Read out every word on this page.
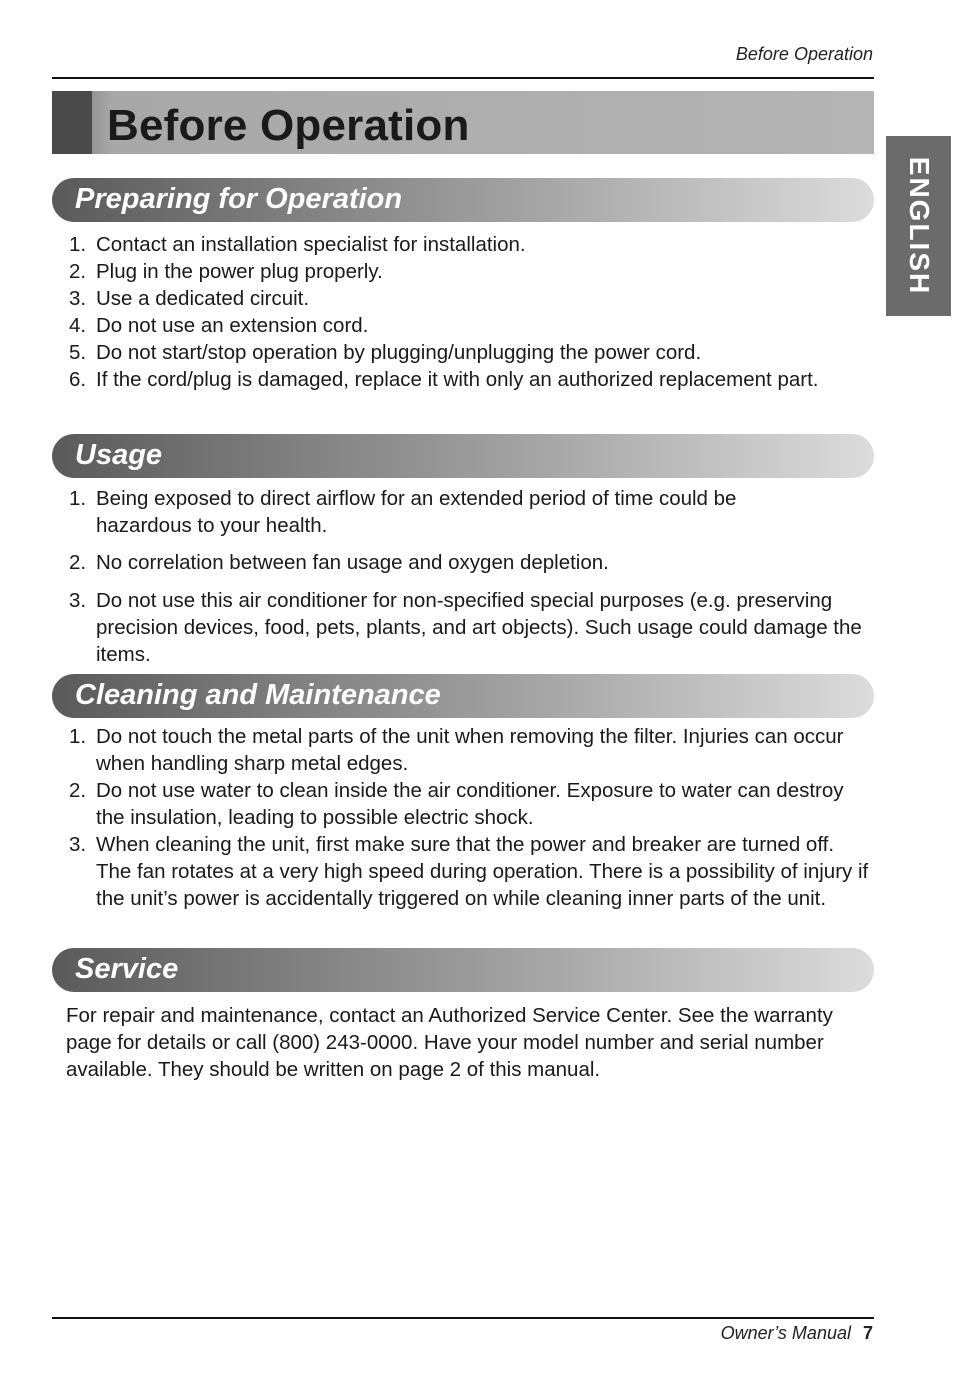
Before Operation
Before Operation
ENGLISH
Preparing for Operation
1. Contact an installation specialist for installation.
2. Plug in the power plug properly.
3. Use a dedicated circuit.
4. Do not use an extension cord.
5. Do not start/stop operation by plugging/unplugging the power cord.
6. If the cord/plug is damaged, replace it with only an authorized replacement part.
Usage
1. Being exposed to direct airflow for an extended period of time could be hazardous to your health.
2. No correlation between fan usage and oxygen depletion.
3. Do not use this air conditioner for non-specified special purposes (e.g. preserving precision devices, food, pets, plants, and art objects). Such usage could damage the items.
Cleaning and Maintenance
1. Do not touch the metal parts of the unit when removing the filter. Injuries can occur when handling sharp metal edges.
2. Do not use water to clean inside the air conditioner. Exposure to water can destroy the insulation, leading to possible electric shock.
3. When cleaning the unit, first make sure that the power and breaker are turned off. The fan rotates at a very high speed during operation. There is a possibility of injury if the unit’s power is accidentally triggered on while cleaning inner parts of the unit.
Service

For repair and maintenance, contact an Authorized Service Center. See the warranty page for details or call (800) 243-0000. Have your model number and serial number available. They should be written on page 2 of this manual.

Owner’s Manual 7
